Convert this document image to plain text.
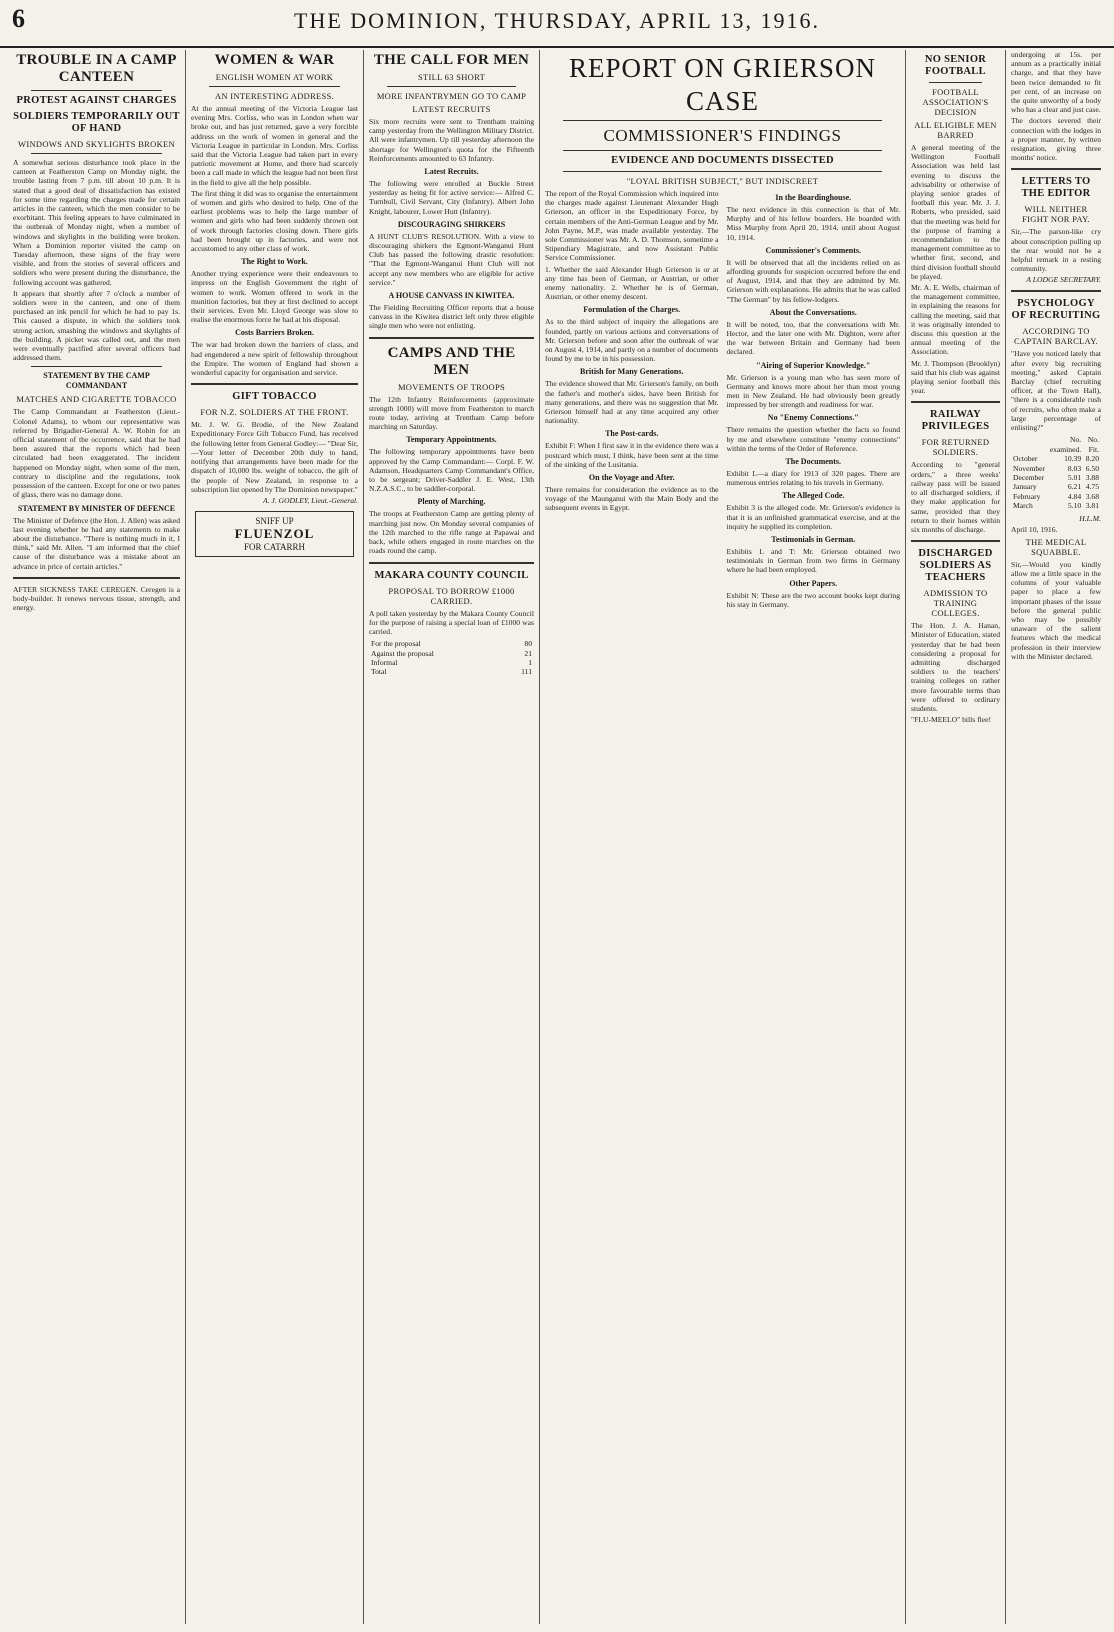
6	THE DOMINION, THURSDAY, APRIL 13, 1916.
TROUBLE IN A CAMP CANTEEN
PROTEST AGAINST CHARGES
SOLDIERS TEMPORARILY OUT OF HAND
WINDOWS AND SKYLIGHTS BROKEN

A somewhat serious disturbance took place in the canteen at Featherston Camp on Monday night, the trouble lasting from 7 p.m. till about 10 p.m. It is stated that a good deal of dissatisfaction has existed for some time regarding the charges made for certain articles in the canteen, which the men consider to be exorbitant. This feeling appears to have culminated in the outbreak of Monday night, when a number of windows and skylights in the building were broken. When a Dominion reporter visited the camp on Tuesday afternoon, these signs of the fray were visible, and from the stories of several officers and soldiers who were present during the disturbance, the following account was gathered.

It appears that shortly after 7 o'clock a number of soldiers were in the canteen, and one of them purchased an ink pencil for which he had to pay 1s. This caused a dispute, in which the soldiers took strong action, smashing the windows and skylights of the building. A picket was called out, and the men were eventually pacified after several officers had addressed them.

STATEMENT BY THE CAMP COMMANDANT
MATCHES AND CIGARETTE TOBACCO

The Camp Commandant at Featherston (Lieut.-Colonel Adams), to whom our representative was referred by Brigadier-General A. W. Robin for an official statement of the occurrence, said that he had been assured that the reports which had been circulated had been exaggerated. The incident happened on Monday night, when some of the men, contrary to discipline and the regulations, took possession of the canteen. Except for one or two panes of glass, there was no damage done.

STATEMENT BY MINISTER OF DEFENCE

The Minister of Defence (the Hon. J. Allen) was asked last evening whether he had any statements to make about the disturbance. "There is nothing much in it, I think," said Mr. Allen. "I am informed that the chief cause of the disturbance was a mistake about an advance in price of certain articles."

AFTER SICKNESS TAKE CEREGEN. Ceregen is a body-builder. It renews nervous tissue, strength, and energy.

WOMEN & WAR
ENGLISH WOMEN AT WORK
AN INTERESTING ADDRESS.

At the annual meeting of the Victoria League last evening Mrs. Corliss, who was in London when war broke out, and has just returned, gave a very forcible address on the work of women in general and the Victoria League in particular in London. Mrs. Corliss said that the Victoria League had taken part in every patriotic movement at Home, and there had scarcely been a call made in which the league had not been first in the field to give all the help possible.

The first thing it did was to organise the entertainment of women and girls who desired to help. One of the earliest problems was to help the large number of women and girls who had been suddenly thrown out of work through factories closing down. There girls had been brought up in factories, and were not accustomed to any other class of work.

The Right to Work.

Another trying experience were their endeavours to impress on the English Government the right of women to work. Women offered to work in the munition factories, but they at first declined to accept their services. Even Mr. Lloyd George was slow to realise the enormous force he had at his disposal.

Costs Barriers Broken.

The war had broken down the barriers of class, and had engendered a new spirit of fellowship throughout the Empire. The women of England had shown a wonderful capacity for organisation and service.

GIFT TOBACCO
FOR N.Z. SOLDIERS AT THE FRONT.

Mr. J. W. G. Brodie, of the New Zealand Expeditionary Force Gift Tobacco Fund, has received the following letter from General Godley:— "Dear Sir,—Your letter of December 20th duly to hand, notifying that arrangements have been made for the dispatch of 10,000 lbs. weight of tobacco, the gift of the people of New Zealand, in response to a subscription list opened by The Dominion newspaper."

A. J. GODLEY, Lieut.-General.
SNIFF UP
FLUENZOL
FOR CATARRH
THE CALL FOR MEN
STILL 63 SHORT
MORE INFANTRYMEN GO TO CAMP
LATEST RECRUITS

Six more recruits were sent to Trentham training camp yesterday from the Wellington Military District. All were infantrymen. Up till yesterday afternoon the shortage for Wellington's quota for the Fifteenth Reinforcements amounted to 63 Infantry.

Latest Recruits.

The following were enrolled at Buckle Street yesterday as being fit for active service:— Alfred C. Turnbull, Civil Servant, City (Infantry). Albert John Knight, labourer, Lower Hutt (Infantry).

DISCOURAGING SHIRKERS

A HUNT CLUB'S RESOLUTION. With a view to discouraging shirkers the Egmont-Wanganui Hunt Club has passed the following drastic resolution: "That the Egmont-Wanganui Hunt Club will not accept any new members who are eligible for active service."

A HOUSE CANVASS IN KIWITEA.

The Fielding Recruiting Officer reports that a house canvass in the Kiwitea district left only three eligible single men who were not enlisting.

CAMPS AND THE MEN
MOVEMENTS OF TROOPS

The 12th Infantry Reinforcements (approximate strength 1000) will move from Featherston to march route today, arriving at Trentham Camp before marching on Saturday.

Temporary Appointments.

The following temporary appointments have been approved by the Camp Commandant:— Corpl. F. W. Adamson, Headquarters Camp Commandant's Office, to be sergeant; Driver-Saddler J. E. West, 13th N.Z.A.S.C., to be saddler-corporal.

Plenty of Marching.

The troops at Featherston Camp are getting plenty of marching just now. On Monday several companies of the 12th marched to the rifle range at Papawai and back, while others engaged in route marches on the roads round the camp.

MAKARA COUNTY COUNCIL
PROPOSAL TO BORROW £1000 CARRIED.

A poll taken yesterday by the Makara County Council for the purpose of raising a special loan of £1000 was carried.

For the proposal	80
Against the proposal	21
Informal	1
Total	111
REPORT ON GRIERSON
CASE
COMMISSIONER'S FINDINGS
EVIDENCE AND DOCUMENTS DISSECTED
"LOYAL BRITISH SUBJECT," BUT INDISCREET

The report of the Royal Commission which inquired into the charges made against Lieutenant Alexander Hugh Grierson, an officer in the Expeditionary Force, by certain members of the Anti-German League and by Mr. John Payne, M.P., was made available yesterday. The sole Commissioner was Mr. A. D. Thomson, sometime a Stipendiary Magistrate, and now Assistant Public Service Commissioner.

1. Whether the said Alexander Hugh Grierson is or at any time has been of German, or Austrian, or other enemy nationality. 2. Whether he is of German, Austrian, or other enemy descent.

Formulation of the Charges.

As to the third subject of inquiry the allegations are founded, partly on various actions and conversations of Mr. Grierson before and soon after the outbreak of war on August 4, 1914, and partly on a number of documents found by me to be in his possession.

British for Many Generations.

The evidence showed that Mr. Grierson's family, on both the father's and mother's sides, have been British for many generations, and there was no suggestion that Mr. Grierson himself had at any time acquired any other nationality.

The Post-cards.

Exhibit F: When I first saw it in the evidence there was a postcard which must, I think, have been sent at the time of the sinking of the Lusitania.

On the Voyage and After.

There remains for consideration the evidence as to the voyage of the Maunganui with the Main Body and the subsequent events in Egypt.

In the Boardinghouse.

The next evidence in this connection is that of Mr. Murphy and of his fellow boarders. He boarded with Miss Murphy from April 20, 1914, until about August 10, 1914.

Commissioner's Comments.

It will be observed that all the incidents relied on as affording grounds for suspicion occurred before the end of August, 1914, and that they are admitted by Mr. Grierson with explanations. He admits that he was called "The German" by his fellow-lodgers.

About the Conversations.

It will be noted, too, that the conversations with Mr. Hector, and the later one with Mr. Dighton, were after the war between Britain and Germany had been declared.

"Airing of Superior Knowledge."

Mr. Grierson is a young man who has seen more of Germany and knows more about her than most young men in New Zealand. He had obviously been greatly impressed by her strength and readiness for war.

No "Enemy Connections."

There remains the question whether the facts so found by me and elsewhere constitute "enemy connections" within the terms of the Order of Reference.

The Documents.

Exhibit L—a diary for 1913 of 320 pages. There are numerous entries relating to his travels in Germany.

The Alleged Code.

Exhibit 3 is the alleged code. Mr. Grierson's evidence is that it is an unfinished grammatical exercise, and at the inquiry he supplied its completion.

Testimonials in German.

Exhibits L and T: Mr. Grierson obtained two testimonials in German from two firms in Germany where he had been employed.

Other Papers.

Exhibit N: These are the two account books kept during his stay in Germany.

NO SENIOR FOOTBALL
FOOTBALL ASSOCIATION'S DECISION
ALL ELIGIBLE MEN BARRED

A general meeting of the Wellington Football Association was held last evening to discuss the advisability or otherwise of playing senior grades of football this year. Mr. J. J. Roberts, who presided, said that the meeting was held for the purpose of framing a recommendation to the management committee as to whether first, second, and third division football should be played.

Mr. A. E. Wells, chairman of the management committee, in explaining the reasons for calling the meeting, said that it was originally intended to discuss this question at the annual meeting of the Association.

Mr. J. Thompson (Brooklyn) said that his club was against playing senior football this year.

RAILWAY PRIVILEGES
FOR RETURNED SOLDIERS.

According to "general orders," a three weeks' railway pass will be issued to all discharged soldiers, if they make application for same, provided that they return to their homes within six months of discharge.

DISCHARGED SOLDIERS AS TEACHERS
ADMISSION TO TRAINING COLLEGES.

The Hon. J. A. Hanan, Minister of Education, stated yesterday that he had been considering a proposal for admitting discharged soldiers to the teachers' training colleges on rather more favourable terms than were offered to ordinary students.

"FLU-MEELO" bills flee!

undergoing at 15s. per annum as a practically initial charge, and that they have been twice demanded to fit per cent, of an increase on the quite unworthy of a body who has a clear and just case.

The doctors severed their connection with the lodges in a proper manner, by written resignation, giving three months' notice.

LETTERS TO THE EDITOR
WILL NEITHER FIGHT NOR PAY.

Sir,—The parson-like cry about conscription pulling up the rear would not be a helpful remark in a resting community.

A LODGE SECRETARY.
PSYCHOLOGY OF RECRUITING
ACCORDING TO CAPTAIN BARCLAY.

"Have you noticed lately that after every big recruiting meeting," asked Captain Barclay (chief recruiting officer, at the Town Hall), "there is a considerable rush of recruits, who often make a large percentage of enlisting?"

	No. examined.	No. Fit.
October	10.39	8.20
November	8.03	6.50
December	5.01	3.88
January	6.21	4.75
February	4.84	3.68
March	5.10	3.81
H.L.M.

April 10, 1916.

THE MEDICAL SQUABBLE.

Sir,—Would you kindly allow me a little space in the columns of your valuable paper to place a few important phases of the issue before the general public who may be possibly unaware of the salient features which the medical profession in their interview with the Minister declared.
